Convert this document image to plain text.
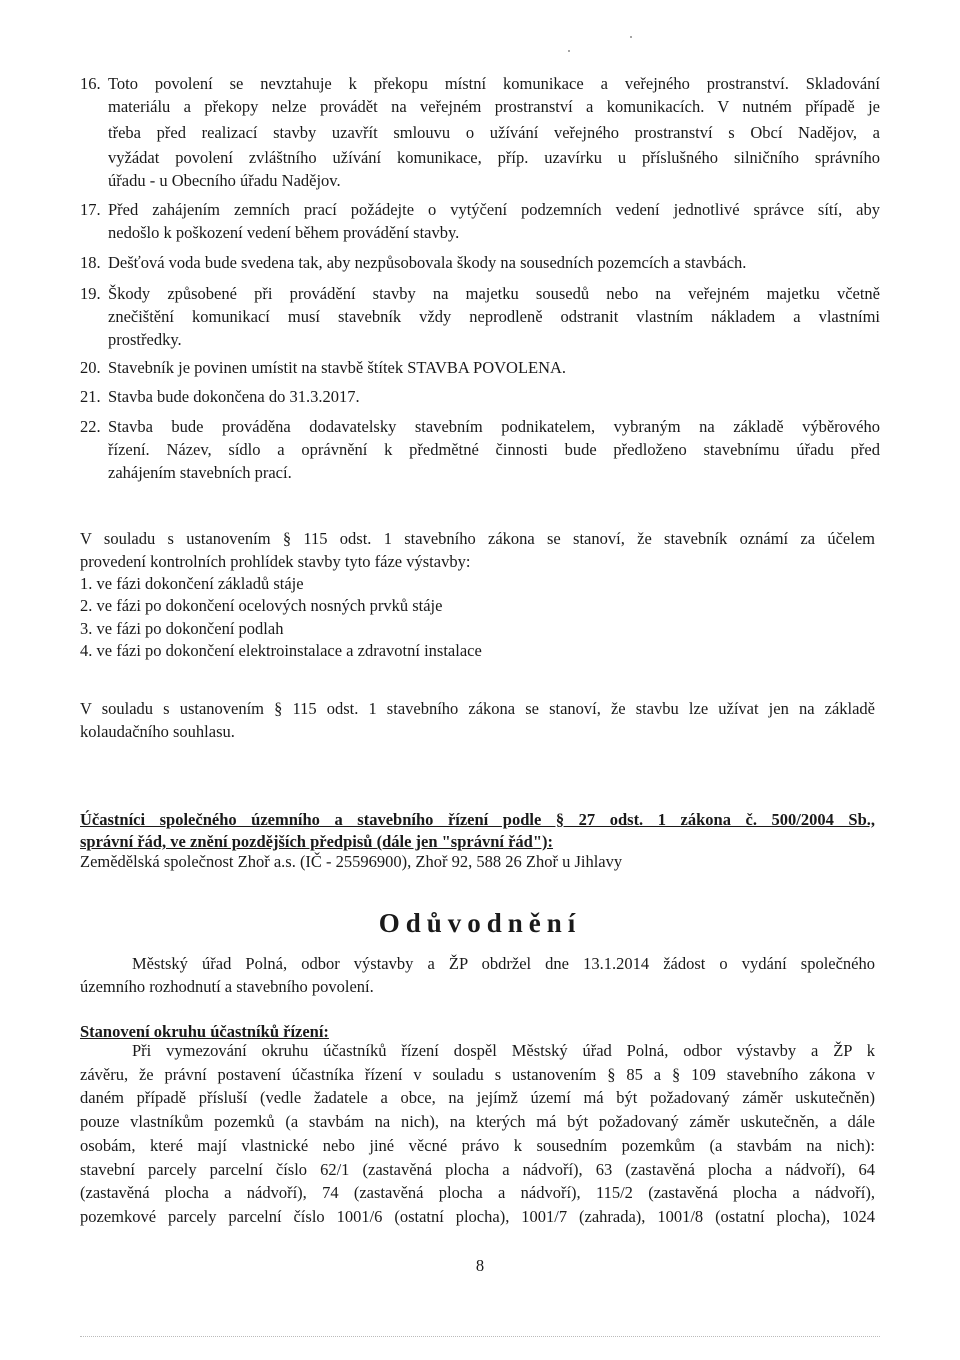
16. Toto povolení se nevztahuje k překopu místní komunikace a veřejného prostranství. Skladování
materiálu a překopy nelze provádět na veřejném prostranství a komunikacích. V nutném případě je
třeba před realizací stavby uzavřít smlouvu o užívání veřejného prostranství s Obcí Nadějov, a
vyžádat povolení zvláštního užívání komunikace, příp. uzavírku u příslušného silničního správního
úřadu - u Obecního úřadu Nadějov.
17. Před zahájením zemních prací požádejte o vytýčení podzemních vedení jednotlivé správce sítí, aby
nedošlo k poškození vedení během provádění stavby.
18. Dešťová voda bude svedena tak, aby nezpůsobovala škody na sousedních pozemcích a stavbách.
19. Škody způsobené při provádění stavby na majetku sousedů nebo na veřejném majetku včetně
znečištění komunikací musí stavebník vždy neprodleně odstranit vlastním nákladem a vlastními
prostředky.
20. Stavebník je povinen umístit na stavbě štítek STAVBA POVOLENA.
21. Stavba bude dokončena do 31.3.2017.
22. Stavba bude prováděna dodavatelsky stavebním podnikatelem, vybraným na základě výběrového
řízení. Název, sídlo a oprávnění k předmětné činnosti bude předloženo stavebnímu úřadu před
zahájením stavebních prací.
V souladu s ustanovením § 115 odst. 1 stavebního zákona se stanoví, že stavebník oznámí za účelem
provedení kontrolních prohlídek stavby tyto fáze výstavby:
1. ve fázi dokončení základů stáje
2. ve fázi po dokončení ocelových nosných prvků stáje
3. ve fázi po dokončení podlah
4. ve fázi po dokončení elektroinstalace a zdravotní instalace
V souladu s ustanovením § 115 odst. 1 stavebního zákona se stanoví, že stavbu lze užívat jen na základě
kolaudačního souhlasu.
Účastníci společného územního a stavebního řízení podle § 27 odst. 1 zákona č. 500/2004 Sb.,
správní řád, ve znění pozdějších předpisů (dále jen "správní řád"):
Zemědělská společnost Zhoř a.s. (IČ - 25596900), Zhoř 92, 588 26 Zhoř u Jihlavy
Odůvodnění
Městský úřad Polná, odbor výstavby a ŽP obdržel dne 13.1.2014 žádost o vydání společného
územního rozhodnutí a stavebního povolení.
Stanovení okruhu účastníků řízení:
Při vymezování okruhu účastníků řízení dospěl Městský úřad Polná, odbor výstavby a ŽP k
závěru, že právní postavení účastníka řízení v souladu s ustanovením § 85 a § 109 stavebního zákona v
daném případě přísluší (vedle žadatele a obce, na jejímž území má být požadovaný záměr uskutečněn)
pouze vlastníkům pozemků (a stavbám na nich), na kterých má být požadovaný záměr uskutečněn, a dále
osobám, které mají vlastnické nebo jiné věcné právo k sousedním pozemkům (a stavbám na nich):
stavební parcely parcelní číslo 62/1 (zastavěná plocha a nádvoří), 63 (zastavěná plocha a nádvoří), 64
(zastavěná plocha a nádvoří), 74 (zastavěná plocha a nádvoří), 115/2 (zastavěná plocha a nádvoří),
pozemkové parcely parcelní číslo 1001/6 (ostatní plocha), 1001/7 (zahrada), 1001/8 (ostatní plocha), 1024
8
